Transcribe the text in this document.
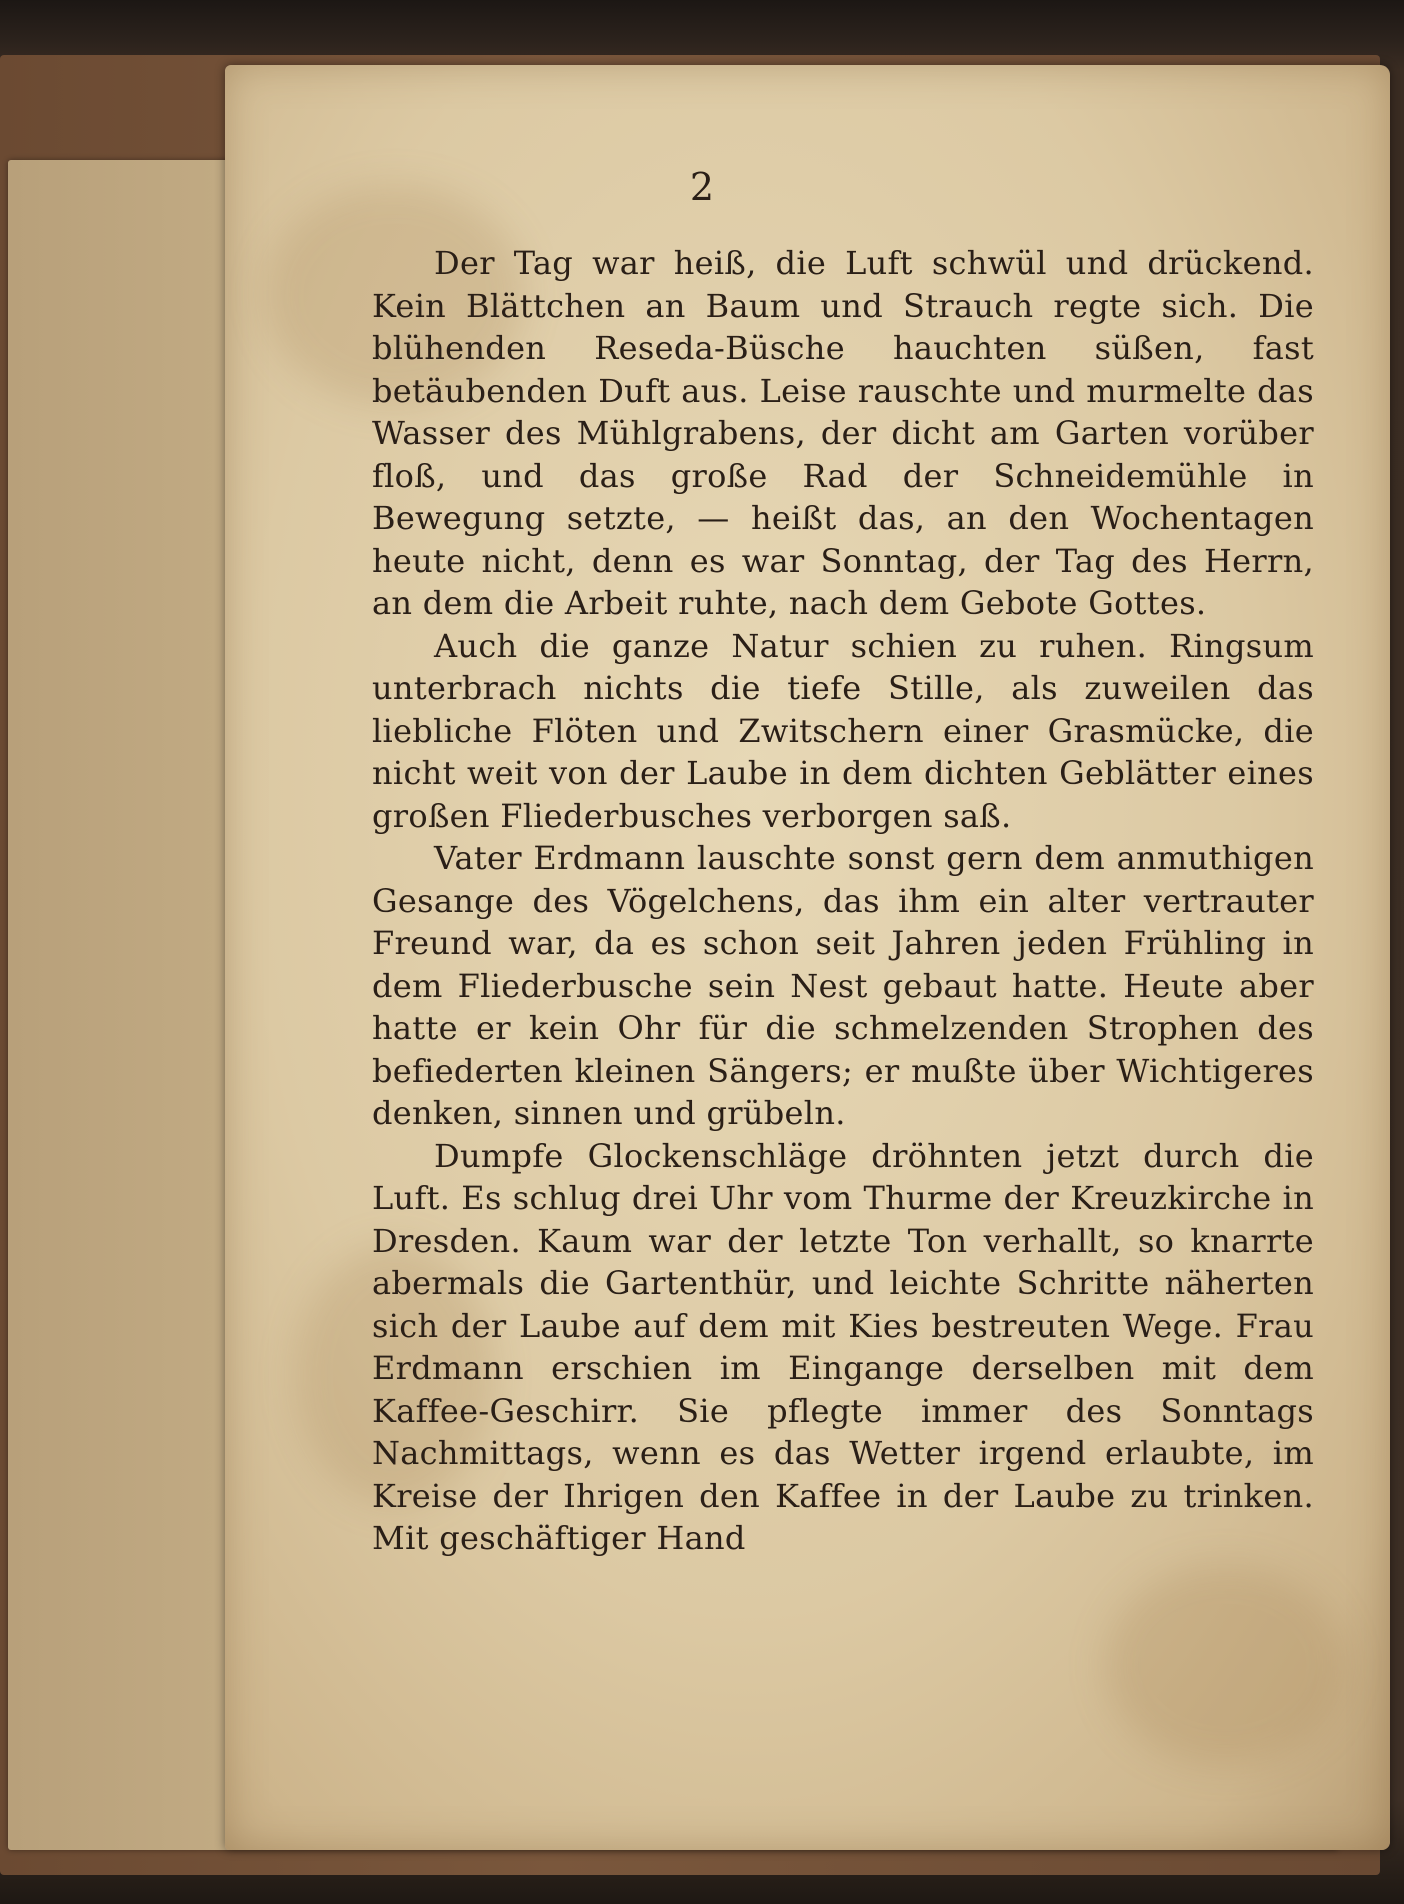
2

Der Tag war heiß, die Luft schwül und drückend. Kein Blättchen an Baum und Strauch regte sich. Die blühenden Reseda-Büsche hauchten süßen, fast betäubenden Duft aus. Leise rauschte und murmelte das Wasser des Mühlgrabens, der dicht am Garten vorüber floß, und das große Rad der Schneidemühle in Bewegung setzte, — heißt das, an den Wochentagen heute nicht, denn es war Sonntag, der Tag des Herrn, an dem die Arbeit ruhte, nach dem Gebote Gottes.

Auch die ganze Natur schien zu ruhen. Ringsum unterbrach nichts die tiefe Stille, als zuweilen das liebliche Flöten und Zwitschern einer Grasmücke, die nicht weit von der Laube in dem dichten Geblätter eines großen Fliederbusches verborgen saß.

Vater Erdmann lauschte sonst gern dem anmuthigen Gesange des Vögelchens, das ihm ein alter vertrauter Freund war, da es schon seit Jahren jeden Frühling in dem Fliederbusche sein Nest gebaut hatte. Heute aber hatte er kein Ohr für die schmelzenden Strophen des befiederten kleinen Sängers; er mußte über Wichtigeres denken, sinnen und grübeln.

Dumpfe Glockenschläge dröhnten jetzt durch die Luft. Es schlug drei Uhr vom Thurme der Kreuzkirche in Dresden. Kaum war der letzte Ton verhallt, so knarrte abermals die Gartenthür, und leichte Schritte näherten sich der Laube auf dem mit Kies bestreuten Wege. Frau Erdmann erschien im Eingange derselben mit dem Kaffee-Geschirr. Sie pflegte immer des Sonntags Nachmittags, wenn es das Wetter irgend erlaubte, im Kreise der Ihrigen den Kaffee in der Laube zu trinken. Mit geschäftiger Hand
